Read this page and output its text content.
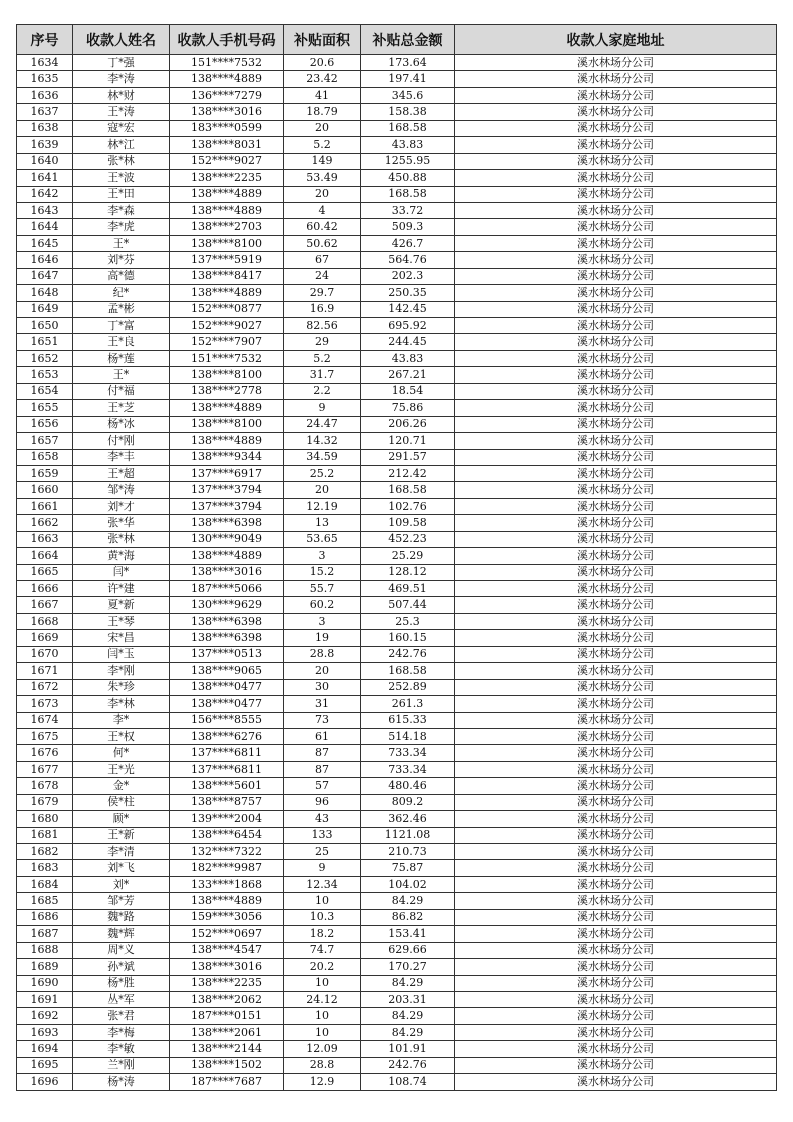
序号	收款人姓名	收款人手机号码	补贴面积	补贴总金额	收款人家庭地址
1634	丁*强	151****7532	20.6	173.64	溪水林场分公司
1635	李*涛	138****4889	23.42	197.41	溪水林场分公司
1636	林*财	136****7279	41	345.6	溪水林场分公司
1637	王*涛	138****3016	18.79	158.38	溪水林场分公司
1638	寇*宏	183****0599	20	168.58	溪水林场分公司
1639	林*江	138****8031	5.2	43.83	溪水林场分公司
1640	张*林	152****9027	149	1255.95	溪水林场分公司
1641	王*波	138****2235	53.49	450.88	溪水林场分公司
1642	王*田	138****4889	20	168.58	溪水林场分公司
1643	李*森	138****4889	4	33.72	溪水林场分公司
1644	李*虎	138****2703	60.42	509.3	溪水林场分公司
1645	王*	138****8100	50.62	426.7	溪水林场分公司
1646	刘*芬	137****5919	67	564.76	溪水林场分公司
1647	高*德	138****8417	24	202.3	溪水林场分公司
1648	纪*	138****4889	29.7	250.35	溪水林场分公司
1649	孟*彬	152****0877	16.9	142.45	溪水林场分公司
1650	丁*富	152****9027	82.56	695.92	溪水林场分公司
1651	王*良	152****7907	29	244.45	溪水林场分公司
1652	杨*莲	151****7532	5.2	43.83	溪水林场分公司
1653	王*	138****8100	31.7	267.21	溪水林场分公司
1654	付*福	138****2778	2.2	18.54	溪水林场分公司
1655	王*芝	138****4889	9	75.86	溪水林场分公司
1656	杨*冰	138****8100	24.47	206.26	溪水林场分公司
1657	付*刚	138****4889	14.32	120.71	溪水林场分公司
1658	李*丰	138****9344	34.59	291.57	溪水林场分公司
1659	王*超	137****6917	25.2	212.42	溪水林场分公司
1660	邹*涛	137****3794	20	168.58	溪水林场分公司
1661	刘*才	137****3794	12.19	102.76	溪水林场分公司
1662	张*华	138****6398	13	109.58	溪水林场分公司
1663	张*林	130****9049	53.65	452.23	溪水林场分公司
1664	黄*海	138****4889	3	25.29	溪水林场分公司
1665	闫*	138****3016	15.2	128.12	溪水林场分公司
1666	许*建	187****5066	55.7	469.51	溪水林场分公司
1667	夏*新	130****9629	60.2	507.44	溪水林场分公司
1668	王*琴	138****6398	3	25.3	溪水林场分公司
1669	宋*昌	138****6398	19	160.15	溪水林场分公司
1670	闫*玉	137****0513	28.8	242.76	溪水林场分公司
1671	李*刚	138****9065	20	168.58	溪水林场分公司
1672	朱*珍	138****0477	30	252.89	溪水林场分公司
1673	李*林	138****0477	31	261.3	溪水林场分公司
1674	李*	156****8555	73	615.33	溪水林场分公司
1675	王*权	138****6276	61	514.18	溪水林场分公司
1676	何*	137****6811	87	733.34	溪水林场分公司
1677	王*光	137****6811	87	733.34	溪水林场分公司
1678	金*	138****5601	57	480.46	溪水林场分公司
1679	侯*柱	138****8757	96	809.2	溪水林场分公司
1680	顾*	139****2004	43	362.46	溪水林场分公司
1681	王*新	138****6454	133	1121.08	溪水林场分公司
1682	李*清	132****7322	25	210.73	溪水林场分公司
1683	刘*飞	182****9987	9	75.87	溪水林场分公司
1684	刘*	133****1868	12.34	104.02	溪水林场分公司
1685	邹*芳	138****4889	10	84.29	溪水林场分公司
1686	魏*路	159****3056	10.3	86.82	溪水林场分公司
1687	魏*辉	152****0697	18.2	153.41	溪水林场分公司
1688	周*义	138****4547	74.7	629.66	溪水林场分公司
1689	孙*斌	138****3016	20.2	170.27	溪水林场分公司
1690	杨*胜	138****2235	10	84.29	溪水林场分公司
1691	丛*军	138****2062	24.12	203.31	溪水林场分公司
1692	张*君	187****0151	10	84.29	溪水林场分公司
1693	李*梅	138****2061	10	84.29	溪水林场分公司
1694	李*敏	138****2144	12.09	101.91	溪水林场分公司
1695	兰*刚	138****1502	28.8	242.76	溪水林场分公司
1696	杨*涛	187****7687	12.9	108.74	溪水林场分公司
